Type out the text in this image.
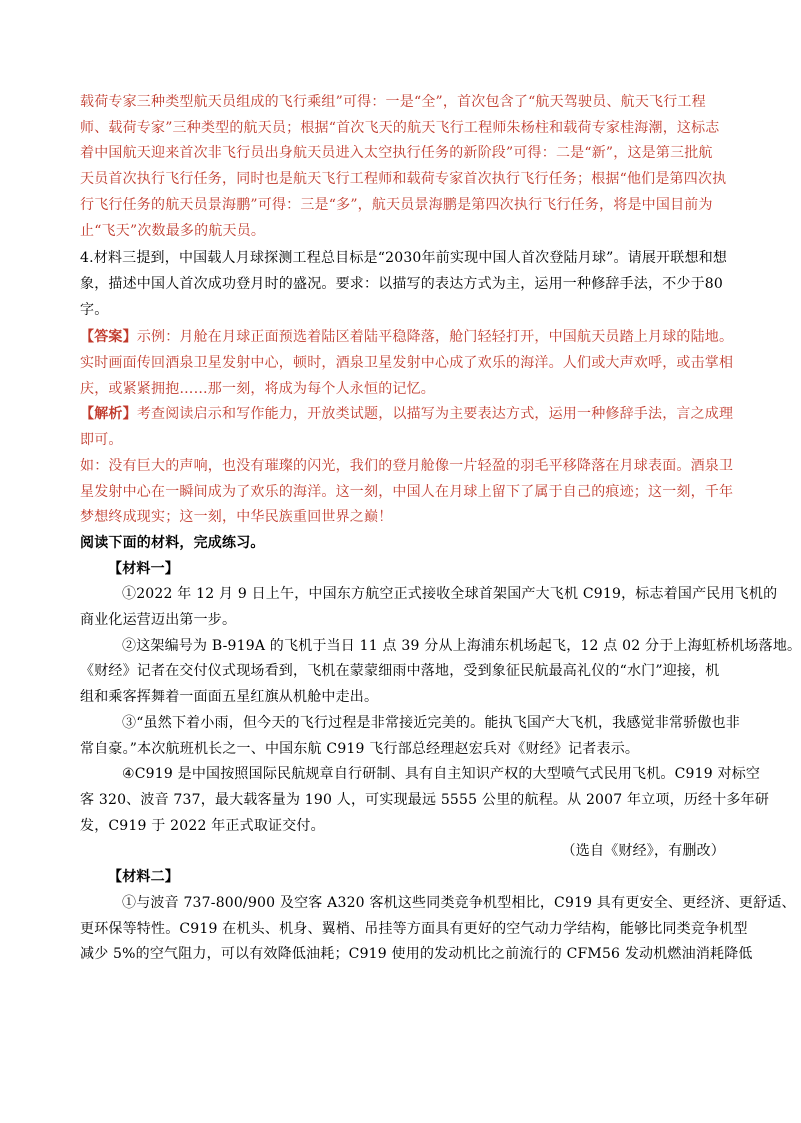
载荷专家三种类型航天员组成的飞行乘组”可得：一是“全”，首次包含了“航天驾驶员、航天飞行工程
师、载荷专家”三种类型的航天员；根据“首次飞天的航天飞行工程师朱杨柱和载荷专家桂海潮，这标志
着中国航天迎来首次非飞行员出身航天员进入太空执行任务的新阶段”可得：二是“新”，这是第三批航
天员首次执行飞行任务，同时也是航天飞行工程师和载荷专家首次执行飞行任务；根据“他们是第四次执
行飞行任务的航天员景海鹏”可得：三是“多”，航天员景海鹏是第四次执行飞行任务，将是中国目前为
止“飞天”次数最多的航天员。
4.材料三提到，中国载人月球探测工程总目标是“2030年前实现中国人首次登陆月球”。请展开联想和想
象，描述中国人首次成功登月时的盛况。要求：以描写的表达方式为主，运用一种修辞手法，不少于80
字。
【答案】示例：月舱在月球正面预选着陆区着陆平稳降落，舱门轻轻打开，中国航天员踏上月球的陆地。
实时画面传回酒泉卫星发射中心，顿时，酒泉卫星发射中心成了欢乐的海洋。人们或大声欢呼，或击掌相
庆，或紧紧拥抱……那一刻，将成为每个人永恒的记忆。
【解析】考查阅读启示和写作能力，开放类试题，以描写为主要表达方式，运用一种修辞手法，言之成理
即可。
如：没有巨大的声响，也没有璀璨的闪光，我们的登月舱像一片轻盈的羽毛平移降落在月球表面。酒泉卫
星发射中心在一瞬间成为了欢乐的海洋。这一刻，中国人在月球上留下了属于自己的痕迹；这一刻，千年
梦想终成现实；这一刻，中华民族重回世界之巅！
阅读下面的材料，完成练习。
【材料一】
①2022 年 12 月 9 日上午，中国东方航空正式接收全球首架国产大飞机 C919，标志着国产民用飞机的
商业化运营迈出第一步。
②这架编号为 B-919A 的飞机于当日 11 点 39 分从上海浦东机场起飞，12 点 02 分于上海虹桥机场落地。
《财经》记者在交付仪式现场看到，飞机在蒙蒙细雨中落地，受到象征民航最高礼仪的“水门”迎接，机
组和乘客挥舞着一面面五星红旗从机舱中走出。
③“虽然下着小雨，但今天的飞行过程是非常接近完美的。能执飞国产大飞机，我感觉非常骄傲也非
常自豪。”本次航班机长之一、中国东航 C919 飞行部总经理赵宏兵对《财经》记者表示。
④C919 是中国按照国际民航规章自行研制、具有自主知识产权的大型喷气式民用飞机。C919 对标空
客 320、波音 737，最大载客量为 190 人，可实现最远 5555 公里的航程。从 2007 年立项，历经十多年研
发，C919 于 2022 年正式取证交付。
（选自《财经》，有删改）
【材料二】
①与波音 737-800/900 及空客 A320 客机这些同类竞争机型相比，C919 具有更安全、更经济、更舒适、
更环保等特性。C919 在机头、机身、翼梢、吊挂等方面具有更好的空气动力学结构，能够比同类竞争机型
减少 5%的空气阻力，可以有效降低油耗；C919 使用的发动机比之前流行的 CFM56 发动机燃油消耗降低
